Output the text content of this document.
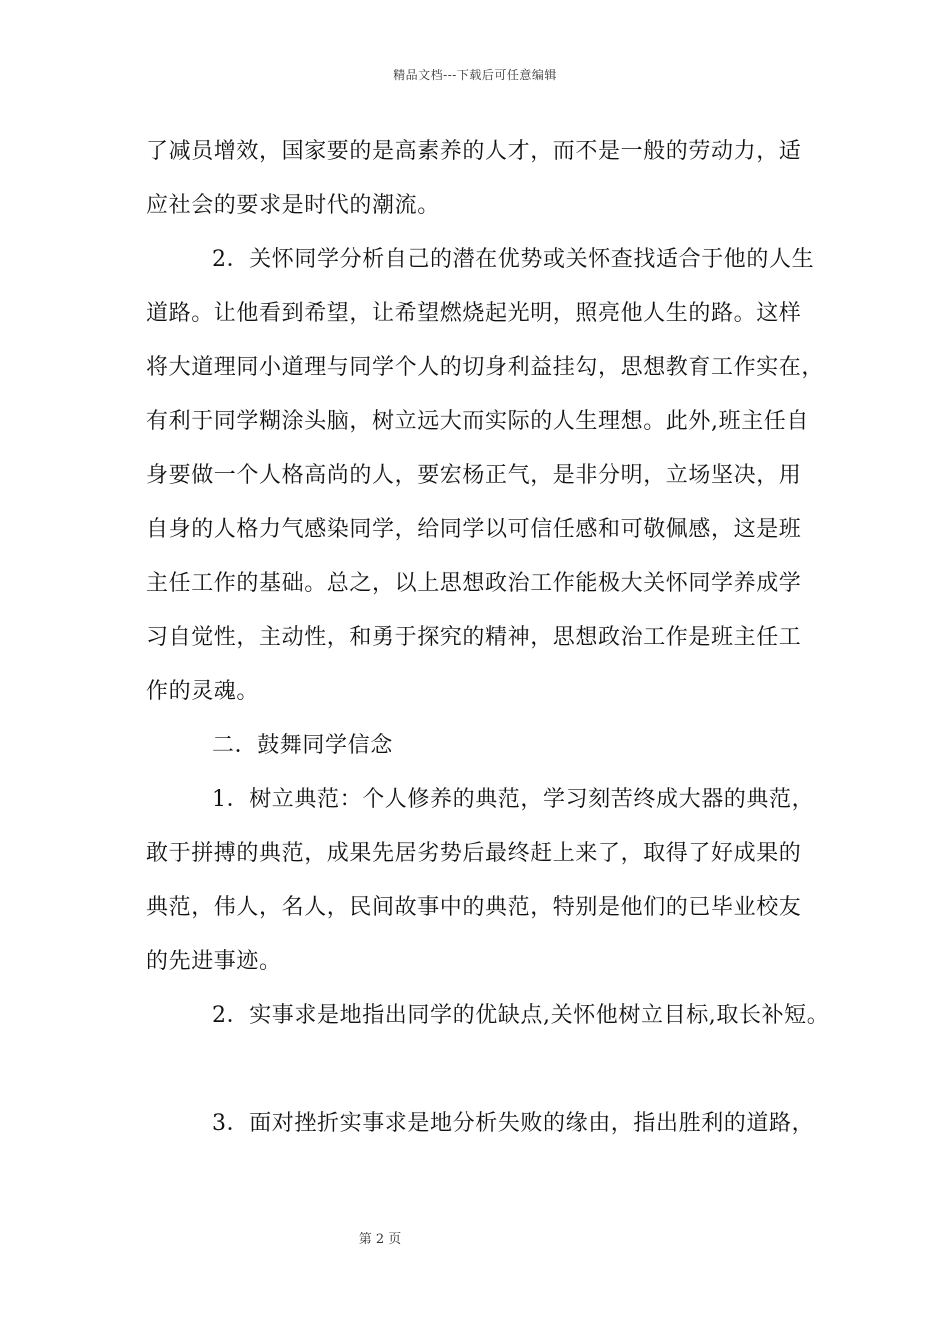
精品文档---下载后可任意编辑
了减员增效，国家要的是高素养的人才，而不是一般的劳动力，适
应社会的要求是时代的潮流。
2．关怀同学分析自己的潜在优势或关怀查找适合于他的人生
道路。让他看到希望，让希望燃烧起光明，照亮他人生的路。这样
将大道理同小道理与同学个人的切身利益挂勾，思想教育工作实在，
有利于同学糊涂头脑，树立远大而实际的人生理想。此外,班主任自
身要做一个人格高尚的人，要宏杨正气，是非分明，立场坚决，用
自身的人格力气感染同学，给同学以可信任感和可敬佩感，这是班
主任工作的基础。总之，以上思想政治工作能极大关怀同学养成学
习自觉性，主动性，和勇于探究的精神，思想政治工作是班主任工
作的灵魂。
二．鼓舞同学信念
1．树立典范：个人修养的典范，学习刻苦终成大器的典范，
敢于拼搏的典范，成果先居劣势后最终赶上来了，取得了好成果的
典范，伟人，名人，民间故事中的典范，特别是他们的已毕业校友
的先进事迹。
2．实事求是地指出同学的优缺点,关怀他树立目标,取长补短。
3．面对挫折实事求是地分析失败的缘由，指出胜利的道路，
第 2 页
